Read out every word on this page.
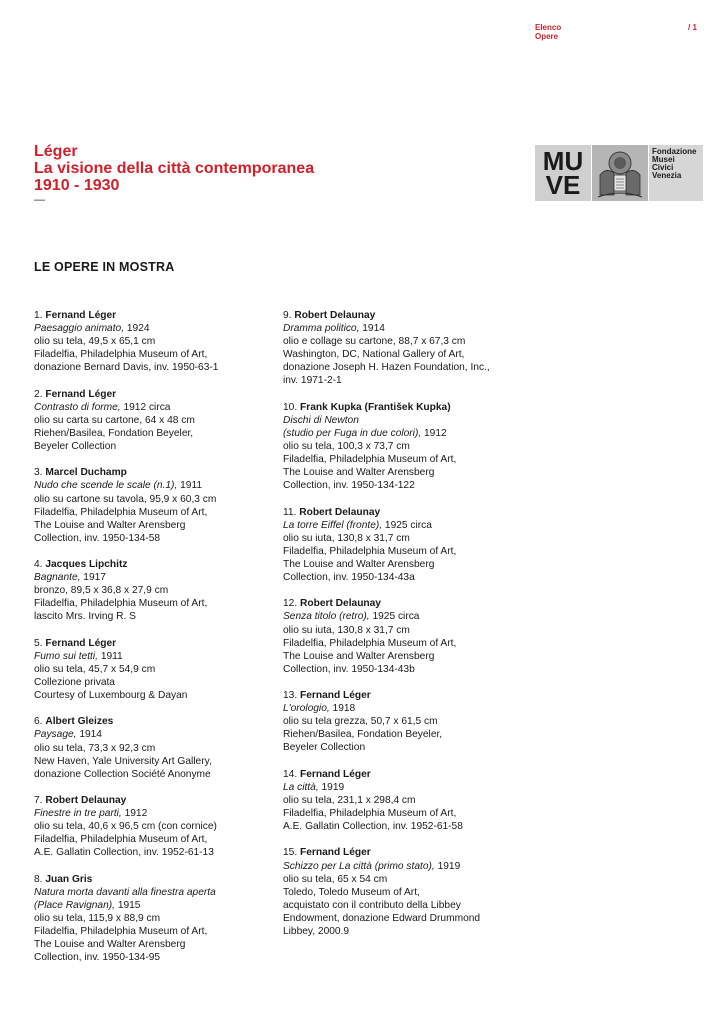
Elenco
Opere
/ 1
Léger
La visione della città contemporanea
1910 - 1930
—
MU
VE
Fondazione
Musei
Civici
Venezia
LE OPERE IN MOSTRA
1. Fernand Léger
Paesaggio animato, 1924
olio su tela, 49,5 x 65,1 cm
Filadelfia, Philadelphia Museum of Art,
donazione Bernard Davis, inv. 1950-63-1
2. Fernand Léger
Contrasto di forme, 1912 circa
olio su carta su cartone, 64 x 48 cm
Riehen/Basilea, Fondation Beyeler,
Beyeler Collection
3. Marcel Duchamp
Nudo che scende le scale (n.1), 1911
olio su cartone su tavola, 95,9 x 60,3 cm
Filadelfia, Philadelphia Museum of Art,
The Louise and Walter Arensberg
Collection, inv. 1950-134-58
4. Jacques Lipchitz
Bagnante, 1917
bronzo, 89,5 x 36,8 x 27,9 cm
Filadelfia, Philadelphia Museum of Art,
lascito Mrs. Irving R. S
5. Fernand Léger
Fumo sui tetti, 1911
olio su tela, 45,7 x 54,9 cm
Collezione privata
Courtesy of Luxembourg & Dayan
6. Albert Gleizes
Paysage, 1914
olio su tela, 73,3 x 92,3 cm
New Haven, Yale University Art Gallery,
donazione Collection Société Anonyme
7. Robert Delaunay
Finestre in tre parti, 1912
olio su tela, 40,6 x 96,5 cm (con cornice)
Filadelfia, Philadelphia Museum of Art,
A.E. Gallatin Collection, inv. 1952-61-13
8. Juan Gris
Natura morta davanti alla finestra aperta
(Place Ravignan), 1915
olio su tela, 115,9 x 88,9 cm
Filadelfia, Philadelphia Museum of Art,
The Louise and Walter Arensberg
Collection, inv. 1950-134-95
9. Robert Delaunay
Dramma politico, 1914
olio e collage su cartone, 88,7 x 67,3 cm
Washington, DC, National Gallery of Art,
donazione Joseph H. Hazen Foundation, Inc.,
inv. 1971-2-1
10. Frank Kupka (František Kupka)
Dischi di Newton
(studio per Fuga in due colori), 1912
olio su tela, 100,3 x 73,7 cm
Filadelfia, Philadelphia Museum of Art,
The Louise and Walter Arensberg
Collection, inv. 1950-134-122
11. Robert Delaunay
La torre Eiffel (fronte), 1925 circa
olio su iuta, 130,8 x 31,7 cm
Filadelfia, Philadelphia Museum of Art,
The Louise and Walter Arensberg
Collection, inv. 1950-134-43a
12. Robert Delaunay
Senza titolo (retro), 1925 circa
olio su iuta, 130,8 x 31,7 cm
Filadelfia, Philadelphia Museum of Art,
The Louise and Walter Arensberg
Collection, inv. 1950-134-43b
13. Fernand Léger
L'orologio, 1918
olio su tela grezza, 50,7 x 61,5 cm
Riehen/Basilea, Fondation Beyeler,
Beyeler Collection
14. Fernand Léger
La città, 1919
olio su tela, 231,1 x 298,4 cm
Filadelfia, Philadelphia Museum of Art,
A.E. Gallatin Collection, inv. 1952-61-58
15. Fernand Léger
Schizzo per La città (primo stato), 1919
olio su tela, 65 x 54 cm
Toledo, Toledo Museum of Art,
acquistato con il contributo della Libbey
Endowment, donazione Edward Drummond
Libbey, 2000.9
